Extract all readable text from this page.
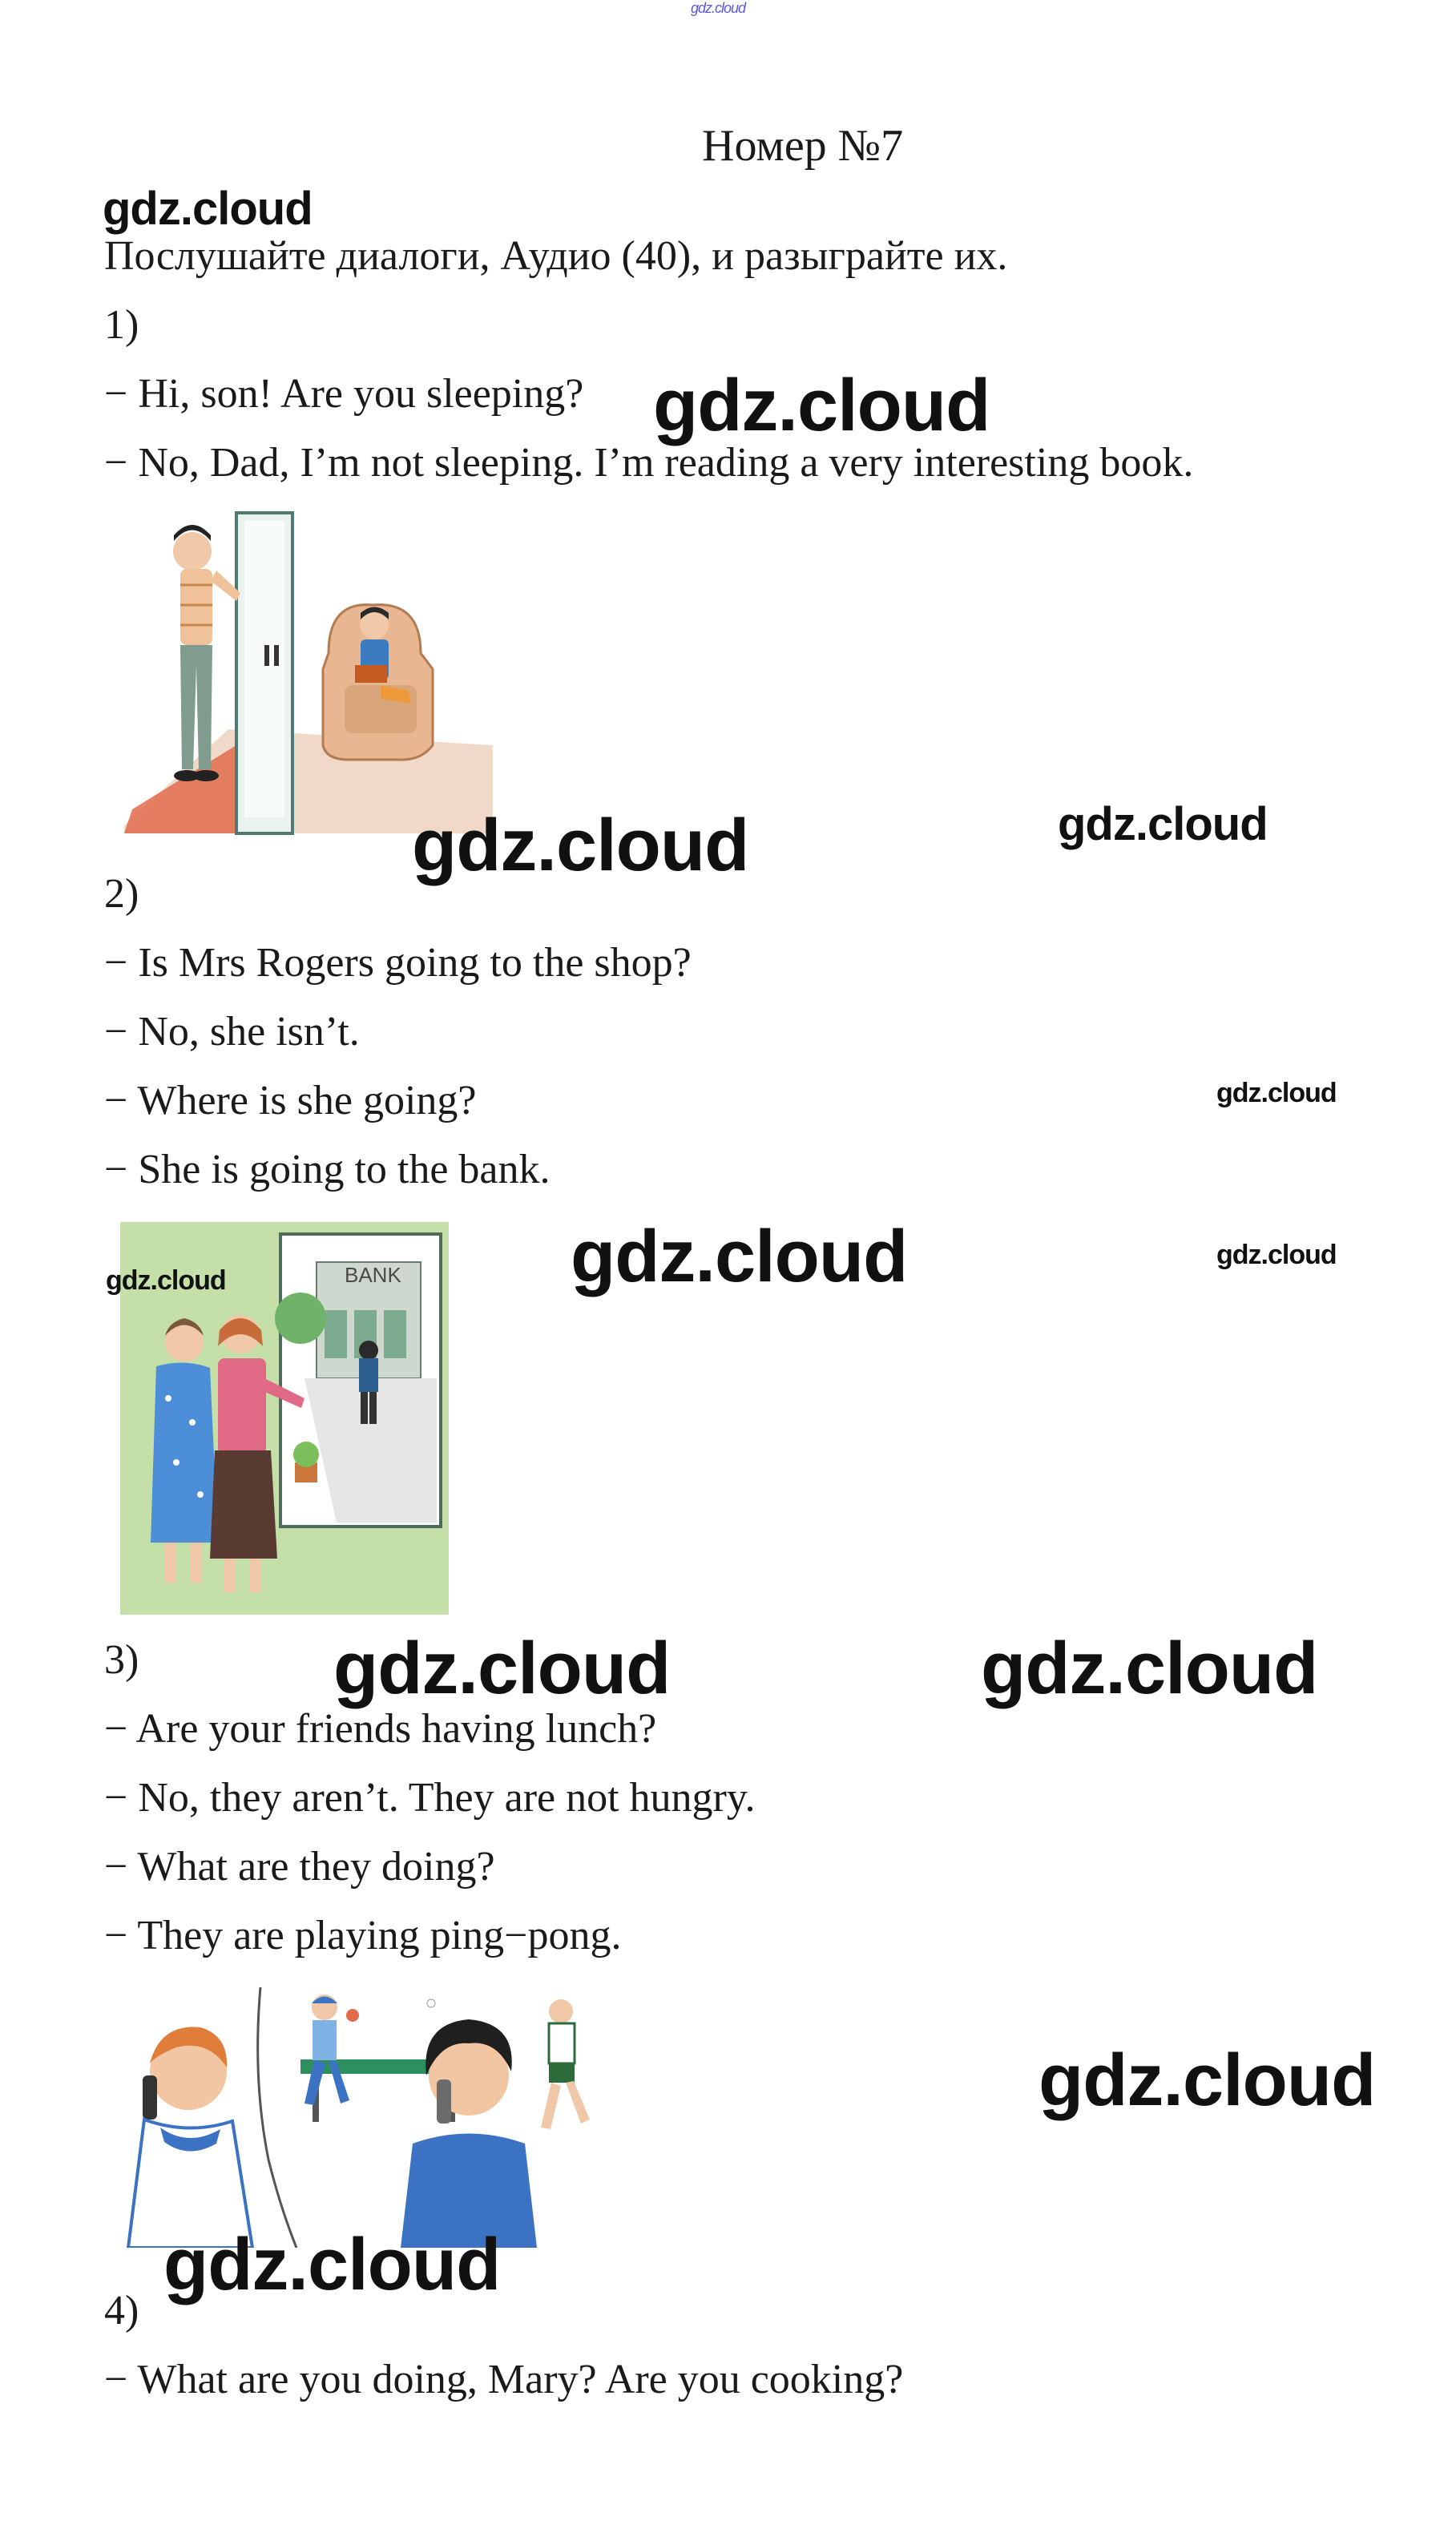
gdz.cloud
Номер №7
gdz.cloud
Послушайте диалоги, Аудио (40), и разыграйте их.
1)
− Hi, son! Are you sleeping? gdz.cloud
− No, Dad, I’m not sleeping. I’m reading a very interesting book.
gdz.cloud	gdz.cloud
2)
− Is Mrs Rogers going to the shop?
− No, she isn’t.
− Where is she going?	gdz.cloud
− She is going to the bank.
BANK
gdz.cloud	gdz.cloud	gdz.cloud
3)	gdz.cloud	gdz.cloud
− Are your friends having lunch?
− No, they aren’t. They are not hungry.
− What are they doing?
− They are playing ping−pong.
gdz.cloud
gdz.cloud
4)
− What are you doing, Mary? Are you cooking?
